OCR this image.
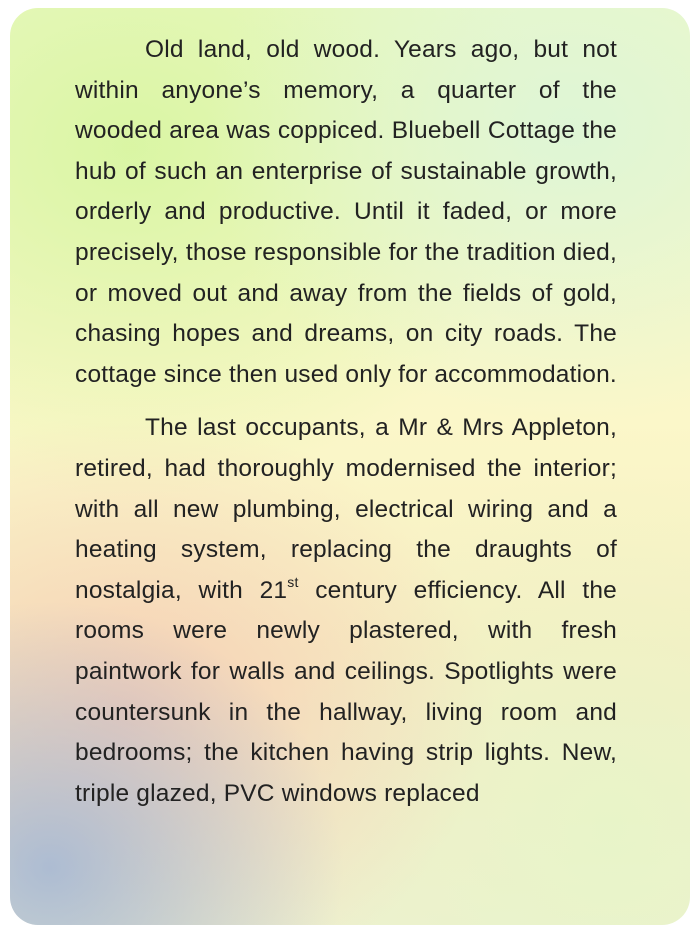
Old land, old wood. Years ago, but not within anyone’s memory, a quarter of the wooded area was coppiced. Bluebell Cottage the hub of such an enterprise of sustainable growth, orderly and productive. Until it faded, or more precisely, those responsible for the tradition died, or moved out and away from the fields of gold, chasing hopes and dreams, on city roads. The cottage since then used only for accommodation.

The last occupants, a Mr & Mrs Appleton, retired, had thoroughly modernised the interior; with all new plumbing, electrical wiring and a heating system, replacing the draughts of nostalgia, with 21st century efficiency. All the rooms were newly plastered, with fresh paintwork for walls and ceilings. Spotlights were countersunk in the hallway, living room and bedrooms; the kitchen having strip lights. New, triple glazed, PVC windows replaced
